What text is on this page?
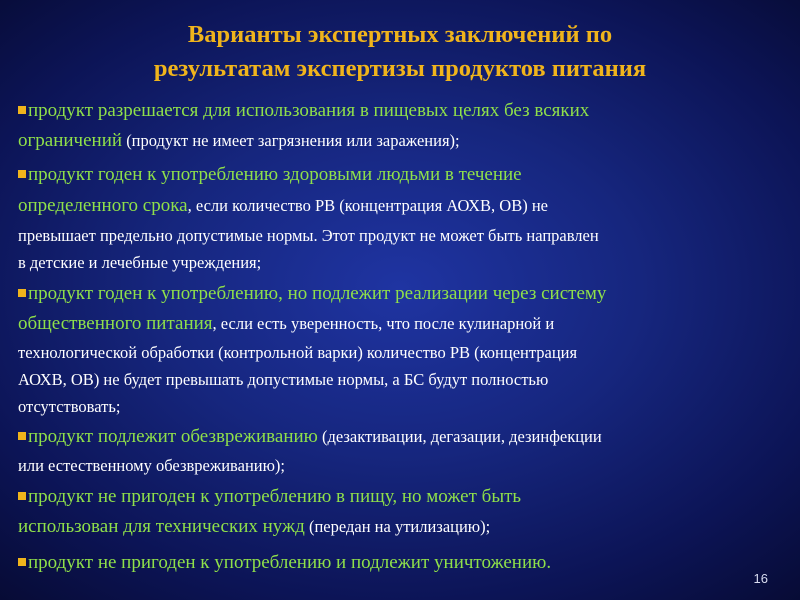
Варианты экспертных заключений по
результатам экспертизы продуктов питания
продукт разрешается для использования в пищевых целях без всяких
ограничений (продукт не имеет загрязнения или заражения);
продукт годен к употреблению здоровыми людьми в течение
определенного срока, если количество РВ (концентрация АОХВ, ОВ) не
превышает предельно допустимые нормы. Этот продукт не может быть направлен
в детские и лечебные учреждения;
продукт годен к употреблению, но подлежит реализации через систему
общественного питания, если есть уверенность, что после кулинарной и
технологической обработки (контрольной варки) количество РВ (концентрация
АОХВ, ОВ) не будет превышать допустимые нормы, а БС будут полностью
отсутствовать;
продукт подлежит обезвреживанию (дезактивации, дегазации, дезинфекции
или естественному обезвреживанию);
продукт не пригоден к употреблению в пищу, но может быть
использован для технических нужд (передан на утилизацию);
продукт не пригоден к употреблению и подлежит уничтожению.
16
